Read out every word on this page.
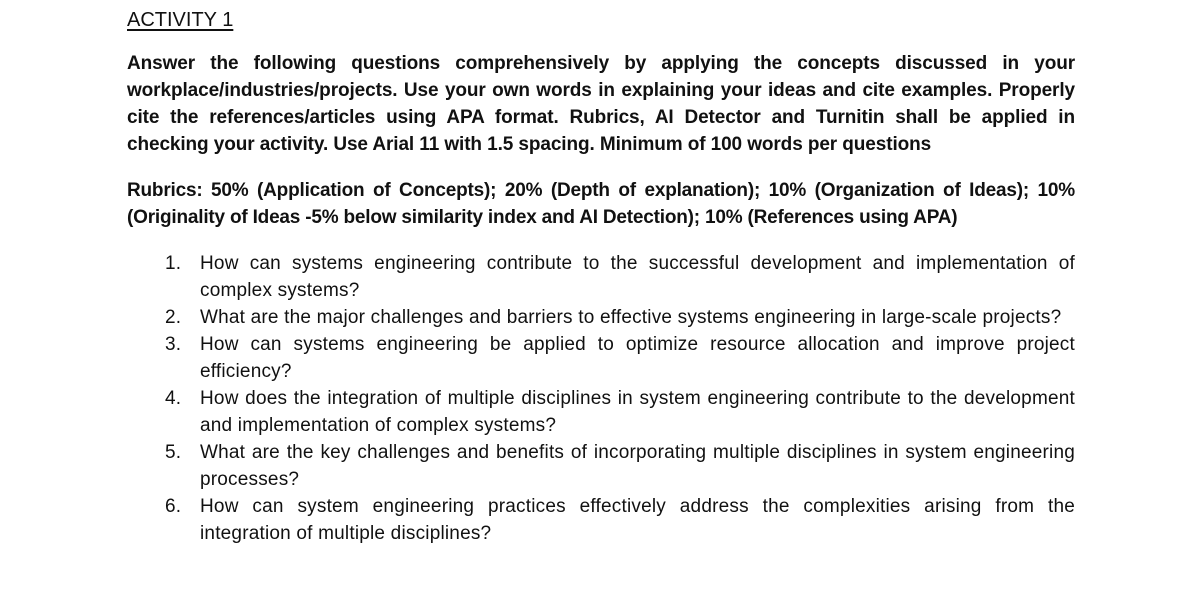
ACTIVITY 1

Answer the following questions comprehensively by applying the concepts discussed in your workplace/industries/projects. Use your own words in explaining your ideas and cite examples. Properly cite the references/articles using APA format. Rubrics, AI Detector and Turnitin shall be applied in checking your activity. Use Arial 11 with 1.5 spacing. Minimum of 100 words per questions

Rubrics: 50% (Application of Concepts); 20% (Depth of explanation); 10% (Organization of Ideas); 10% (Originality of Ideas -5% below similarity index and AI Detection); 10% (References using APA)

1. How can systems engineering contribute to the successful development and implementation of complex systems?
2. What are the major challenges and barriers to effective systems engineering in large-scale projects?
3. How can systems engineering be applied to optimize resource allocation and improve project efficiency?
4. How does the integration of multiple disciplines in system engineering contribute to the development and implementation of complex systems?
5. What are the key challenges and benefits of incorporating multiple disciplines in system engineering processes?
6. How can system engineering practices effectively address the complexities arising from the integration of multiple disciplines?
